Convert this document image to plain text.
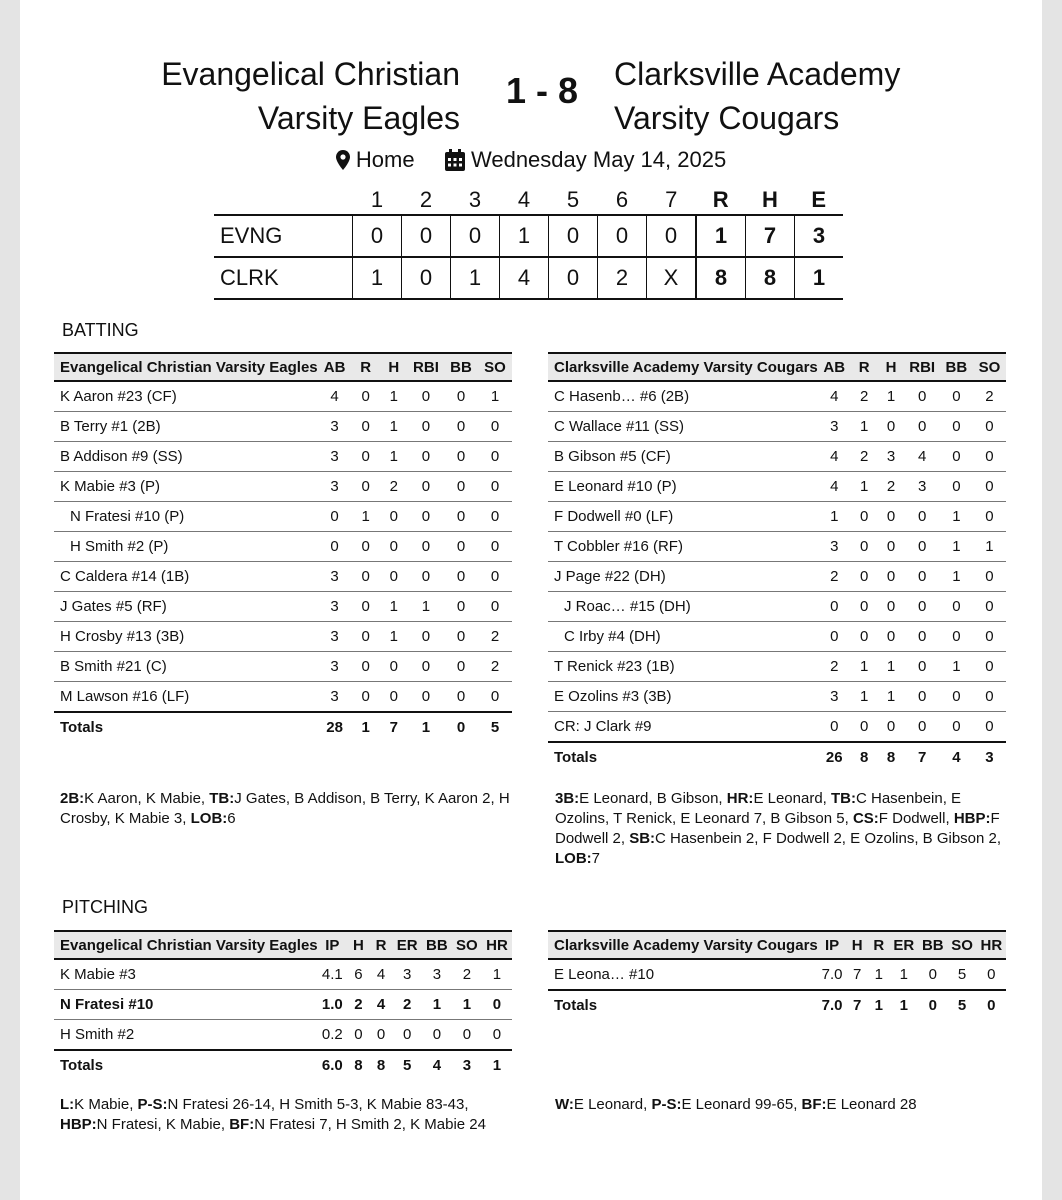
Evangelical Christian
Varsity Eagles
1 - 8	Clarksville Academy
Varsity Cougars
Home	Wednesday May 14, 2025
	1	2	3	4	5	6	7	R	H	E
EVNG	0	0	0	1	0	0	0	1	7	3
CLRK	1	0	1	4	0	2	X	8	8	1
BATTING
Evangelical Christian Varsity Eagles	AB	R	H	RBI	BB	SO
K Aaron #23 (CF)	4	0	1	0	0	1
B Terry #1 (2B)	3	0	1	0	0	0
B Addison #9 (SS)	3	0	1	0	0	0
K Mabie #3 (P)	3	0	2	0	0	0
N Fratesi #10 (P)	0	1	0	0	0	0
H Smith #2 (P)	0	0	0	0	0	0
C Caldera #14 (1B)	3	0	0	0	0	0
J Gates #5 (RF)	3	0	1	1	0	0
H Crosby #13 (3B)	3	0	1	0	0	2
B Smith #21 (C)	3	0	0	0	0	2
M Lawson #16 (LF)	3	0	0	0	0	0
Totals	28	1	7	1	0	5
Clarksville Academy Varsity Cougars	AB	R	H	RBI	BB	SO
C Hasenb… #6 (2B)	4	2	1	0	0	2
C Wallace #11 (SS)	3	1	0	0	0	0
B Gibson #5 (CF)	4	2	3	4	0	0
E Leonard #10 (P)	4	1	2	3	0	0
F Dodwell #0 (LF)	1	0	0	0	1	0
T Cobbler #16 (RF)	3	0	0	0	1	1
J Page #22 (DH)	2	0	0	0	1	0
J Roac… #15 (DH)	0	0	0	0	0	0
C Irby #4 (DH)	0	0	0	0	0	0
T Renick #23 (1B)	2	1	1	0	1	0
E Ozolins #3 (3B)	3	1	1	0	0	0
CR: J Clark #9	0	0	0	0	0	0
Totals	26	8	8	7	4	3
2B:K Aaron, K Mabie, TB:J Gates, B Addison, B Terry, K Aaron 2, H Crosby, K Mabie 3, LOB:6
3B:E Leonard, B Gibson, HR:E Leonard, TB:C Hasenbein, E Ozolins, T Renick, E Leonard 7, B Gibson 5, CS:F Dodwell, HBP:F Dodwell 2, SB:C Hasenbein 2, F Dodwell 2, E Ozolins, B Gibson 2, LOB:7
PITCHING
Evangelical Christian Varsity Eagles	IP	H	R	ER	BB	SO	HR
K Mabie #3	4.1	6	4	3	3	2	1
N Fratesi #10	1.0	2	4	2	1	1	0
H Smith #2	0.2	0	0	0	0	0	0
Totals	6.0	8	8	5	4	3	1
Clarksville Academy Varsity Cougars	IP	H	R	ER	BB	SO	HR
E Leona… #10	7.0	7	1	1	0	5	0
Totals	7.0	7	1	1	0	5	0
L:K Mabie, P-S:N Fratesi 26-14, H Smith 5-3, K Mabie 83-43, HBP:N Fratesi, K Mabie, BF:N Fratesi 7, H Smith 2, K Mabie 24
W:E Leonard, P-S:E Leonard 99-65, BF:E Leonard 28
